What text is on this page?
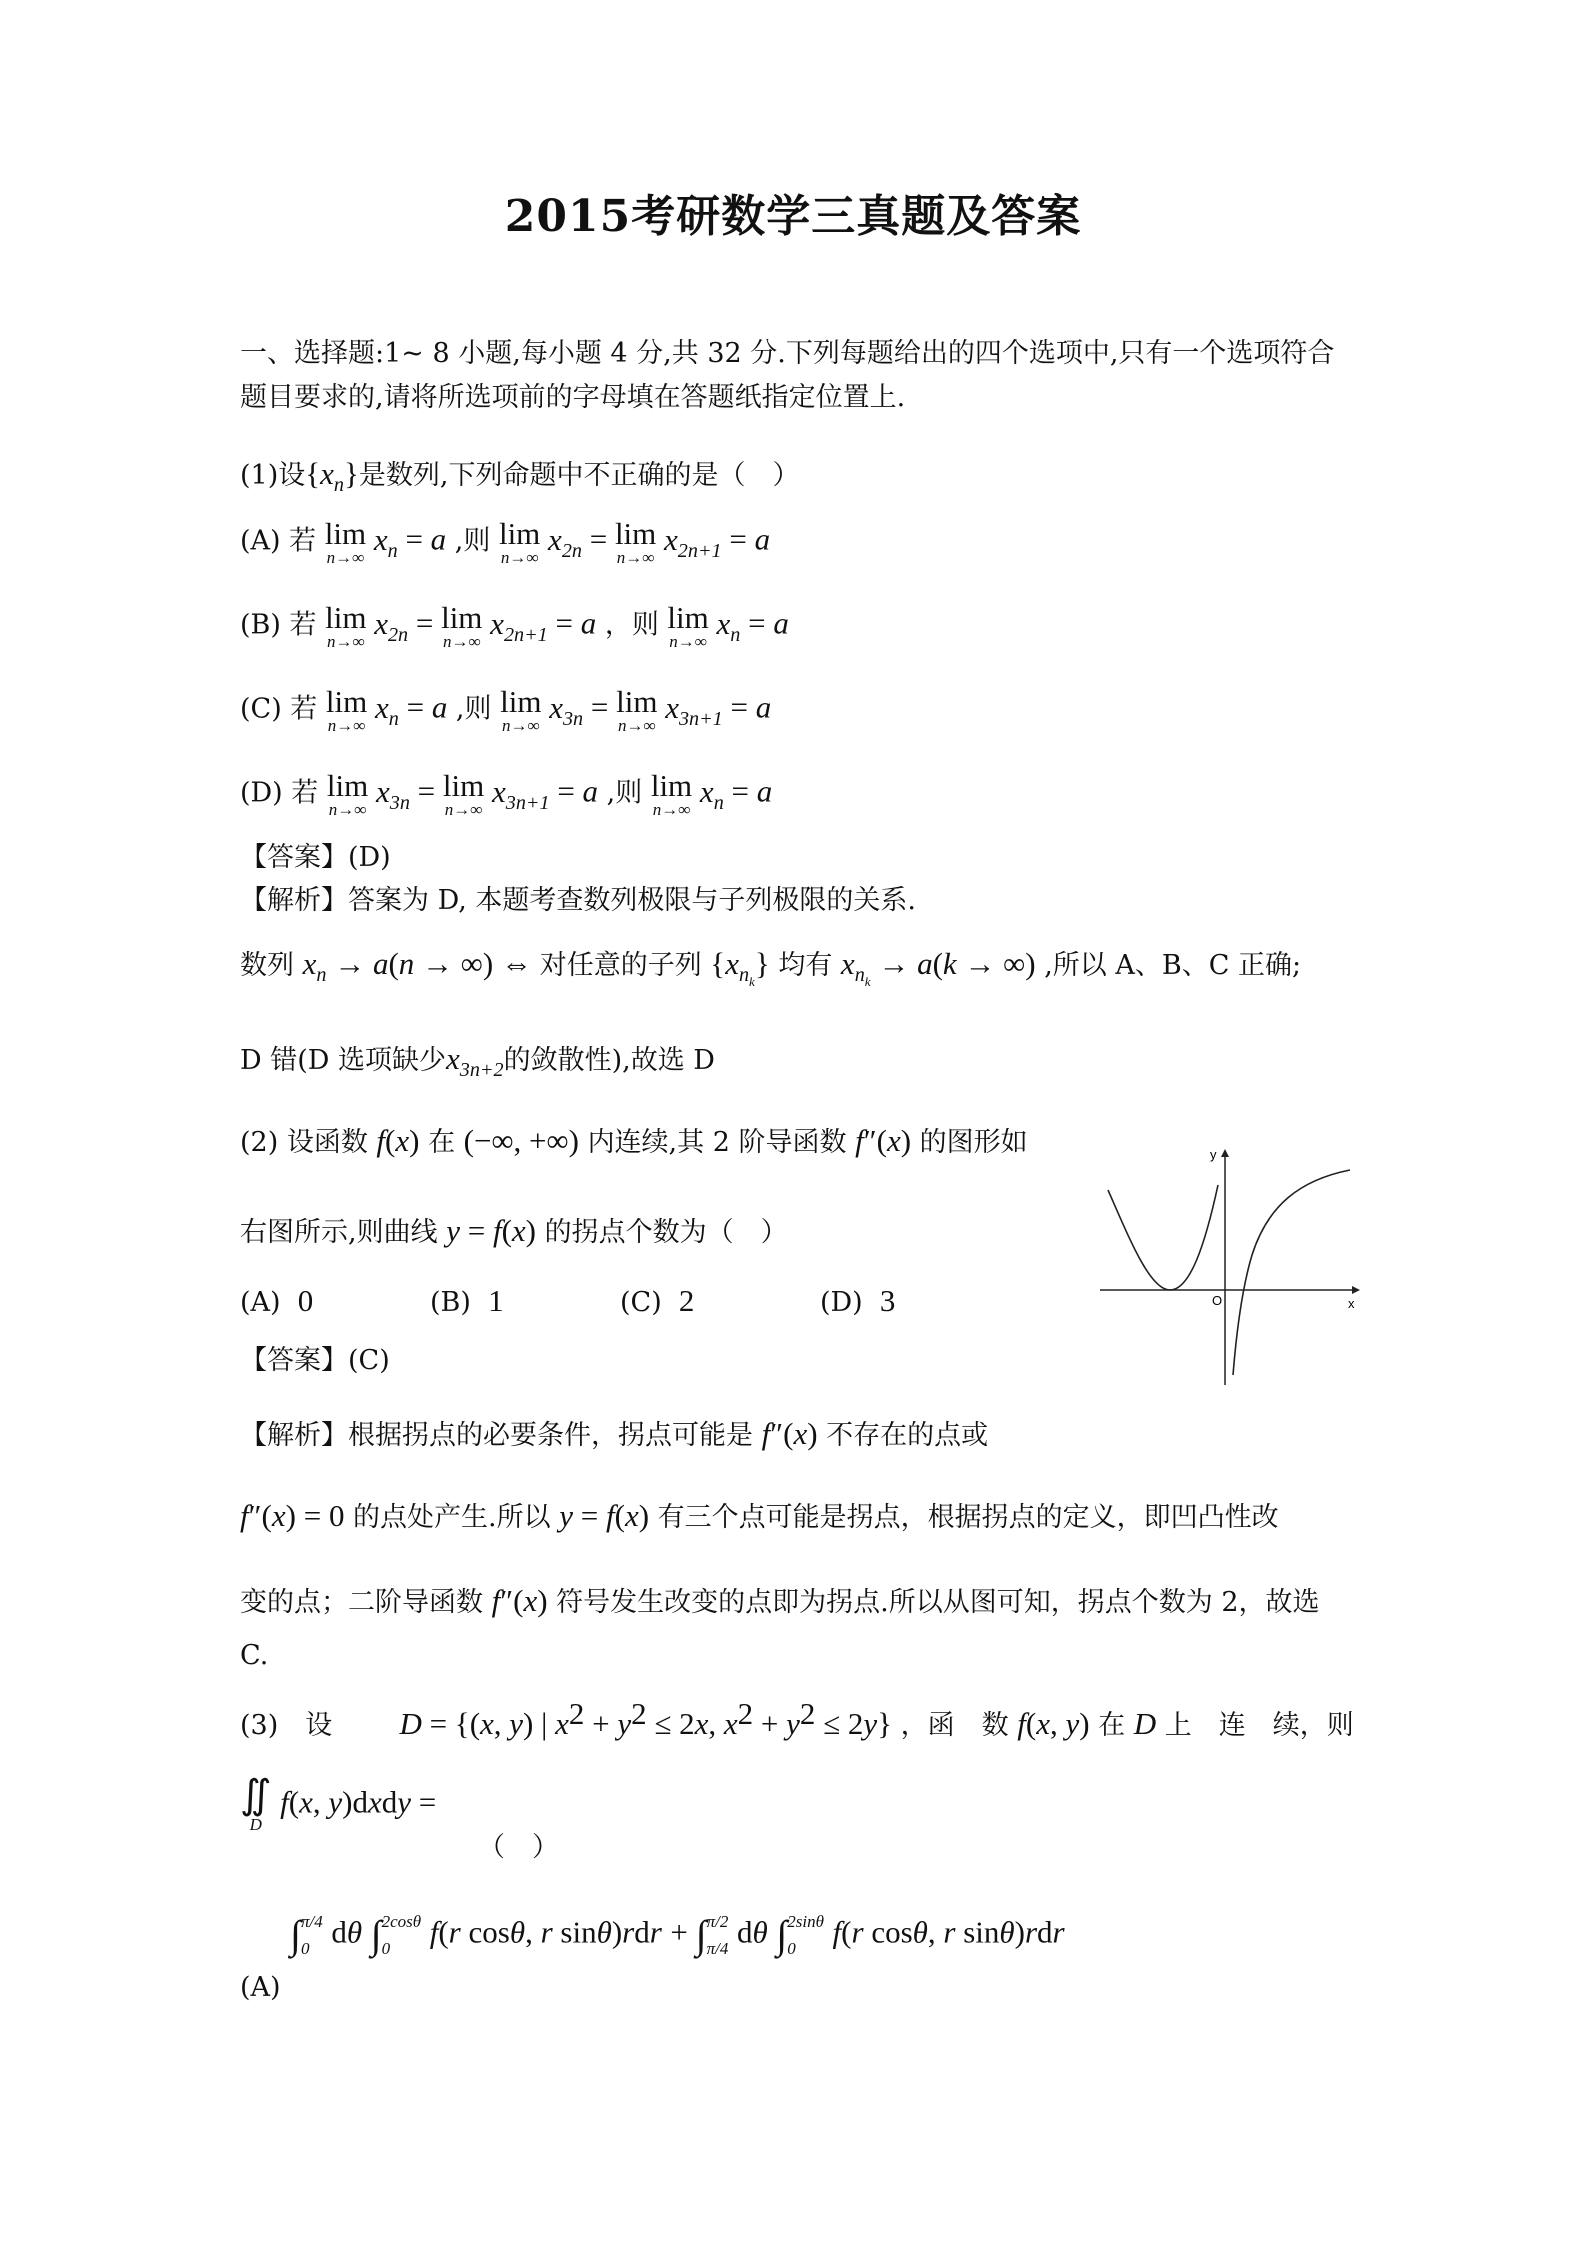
2015考研数学三真题及答案
一、选择题:1~ 8 小题,每小题 4 分,共 32 分.下列每题给出的四个选项中,只有一个选项符合
题目要求的,请将所选项前的字母填在答题纸指定位置上.
(1)设$\{x_n\}$是数列,下列命题中不正确的是（　）
(A) 若 lim
n→∞
$x_n = a$ ,则 lim
n→∞
$x_{2n} = \lim$
n→∞
$x_{2n+1} = a$
(B) 若 lim
n→∞
$x_{2n} = \lim$
n→∞
$x_{2n+1} = a$ ，则 lim
n→∞
$x_n = a$
(C) 若 lim
n→∞
$x_n = a$ ,则 lim
n→∞
$x_{3n} = \lim$
n→∞
$x_{3n+1} = a$
(D) 若 lim
n→∞
$x_{3n} = \lim$
n→∞
$x_{3n+1} = a$ ,则 lim
n→∞
$x_n = a$
【答案】(D)
【解析】答案为 D, 本题考查数列极限与子列极限的关系.
数列 $x_n \to a(n$ → ∞) ⇔ 对任意的子列 $\{x_{n_k}\}$ 均有 $x_{n_k} \to a(k$ → ∞) ,所以 A、B、C 正确;
D 错(D 选项缺少$x_{3n+2}$的敛散性),故选 D
(2) 设函数 f(x) 在 (−∞, +∞) 内连续,其 2 阶导函数 f″(x) 的图形如
右图所示,则曲线 y = f(x) 的拐点个数为（　）
(A) 0	(B) 1	(C) 2	(D) 3
【答案】(C)
【解析】根据拐点的必要条件，拐点可能是 f″(x) 不存在的点或
f″(x) = 0 的点处产生.所以 y = f(x) 有三个点可能是拐点，根据拐点的定义，即凹凸性改
变的点；二阶导函数 f″(x) 符号发生改变的点即为拐点.所以从图可知，拐点个数为 2，故选
C.
y
x
O
(3)　设 D = {(x, y) | $x^2 + y^2 \le 2x$, $x^2 + y^2 \le 2y$} ，函　数 f(x, y) 在 D 上　连　续，则
∬
D
f(x, y)dxdy =
（　）
∫ π/4
0 dθ ∫ 2cosθ
0	f(r cosθ, r sinθ)rdr + ∫ π/2
π/4 dθ ∫ 2sinθ
0	f(r cosθ, r sinθ)rdr
(A)
